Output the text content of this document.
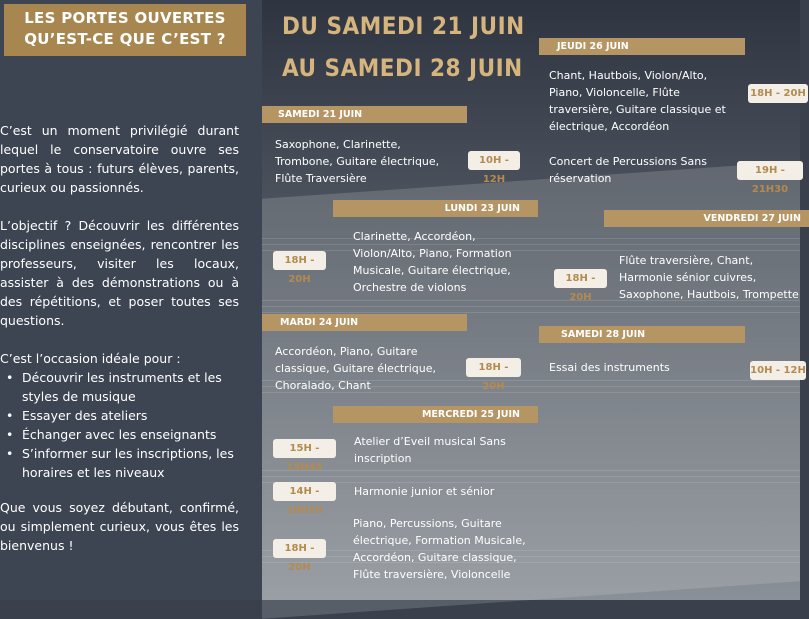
LES PORTES OUVERTES
QU’EST-CE QUE C’EST ?

C’est un moment privilégié durant lequel le conservatoire ouvre ses portes à tous : futurs élèves, parents, curieux ou passionnés.

L’objectif ? Découvrir les différentes disciplines enseignées, rencontrer les professeurs, visiter les locaux, assister à des démonstrations ou à des répétitions, et poser toutes ses questions.

C’est l’occasion idéale pour :

• Découvrir les instruments et les styles de musique
• Essayer des ateliers
• Échanger avec les enseignants
• S’informer sur les inscriptions, les horaires et les niveaux

Que vous soyez débutant, confirmé, ou simplement curieux, vous êtes les bienvenus !

DU SAMEDI 21 JUIN
AU SAMEDI 28 JUIN
SAMEDI 21 JUIN

Saxophone, Clarinette, Trombone, Guitare électrique, Flûte Traversière

10H - 12H
LUNDI 23 JUIN
18H - 20H

Clarinette, Accordéon, Violon/Alto, Piano, Formation Musicale, Guitare électrique, Orchestre de violons

MARDI 24 JUIN

Accordéon, Piano, Guitare classique, Guitare électrique, Choralado, Chant

18H - 20H
MERCREDI 25 JUIN
15H - 15H45

Atelier d’Eveil musical Sans inscription

14H - 16H30

Harmonie junior et sénior

18H - 20H

Piano, Percussions, Guitare électrique, Formation Musicale, Accordéon, Guitare classique, Flûte traversière, Violoncelle

JEUDI 26 JUIN

Chant, Hautbois, Violon/Alto, Piano, Violoncelle, Flûte traversière, Guitare classique et électrique, Accordéon

18H - 20H

Concert de Percussions Sans réservation

19H - 21H30
VENDREDI 27 JUIN
18H - 20H

Flûte traversière, Chant, Harmonie sénior cuivres, Saxophone, Hautbois, Trompette

SAMEDI 28 JUIN

Essai des instruments	10H - 12H
